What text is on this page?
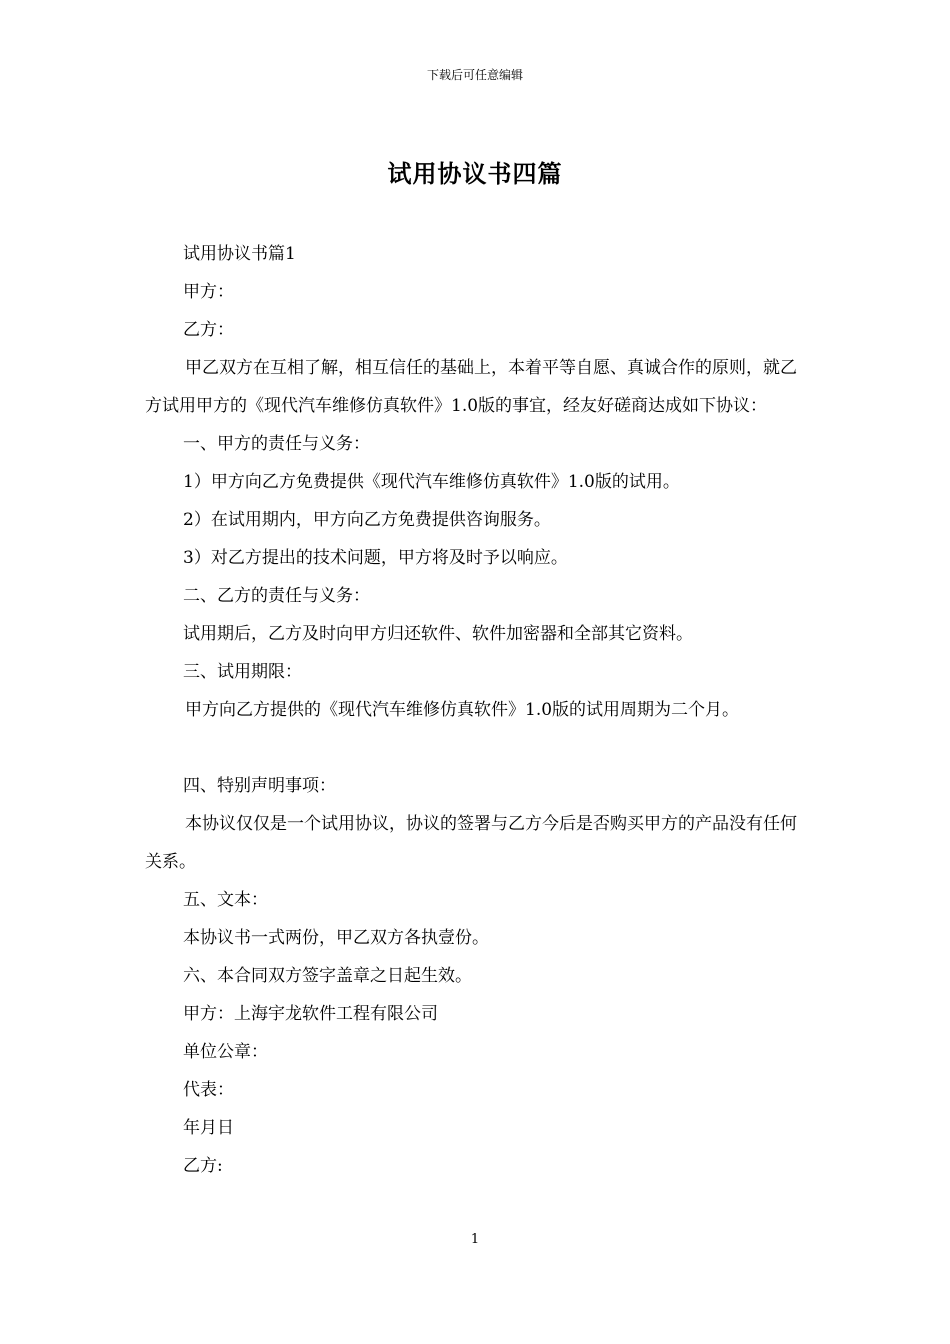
下载后可任意编辑
试用协议书四篇

试用协议书篇1

甲方：

乙方：

甲乙双方在互相了解，相互信任的基础上，本着平等自愿、真诚合作的原则，就乙方试用甲方的《现代汽车维修仿真软件》1.0版的事宜，经友好磋商达成如下协议：

一、甲方的责任与义务：

1）甲方向乙方免费提供《现代汽车维修仿真软件》1.0版的试用。

2）在试用期内，甲方向乙方免费提供咨询服务。

3）对乙方提出的技术问题，甲方将及时予以响应。

二、乙方的责任与义务：

试用期后，乙方及时向甲方归还软件、软件加密器和全部其它资料。

三、试用期限：

甲方向乙方提供的《现代汽车维修仿真软件》1.0版的试用周期为二个月。

四、特别声明事项：

本协议仅仅是一个试用协议，协议的签署与乙方今后是否购买甲方的产品没有任何关系。

五、文本：

本协议书一式两份，甲乙双方各执壹份。

六、本合同双方签字盖章之日起生效。

甲方：上海宇龙软件工程有限公司

单位公章：

代表：

年月日

乙方:

1
